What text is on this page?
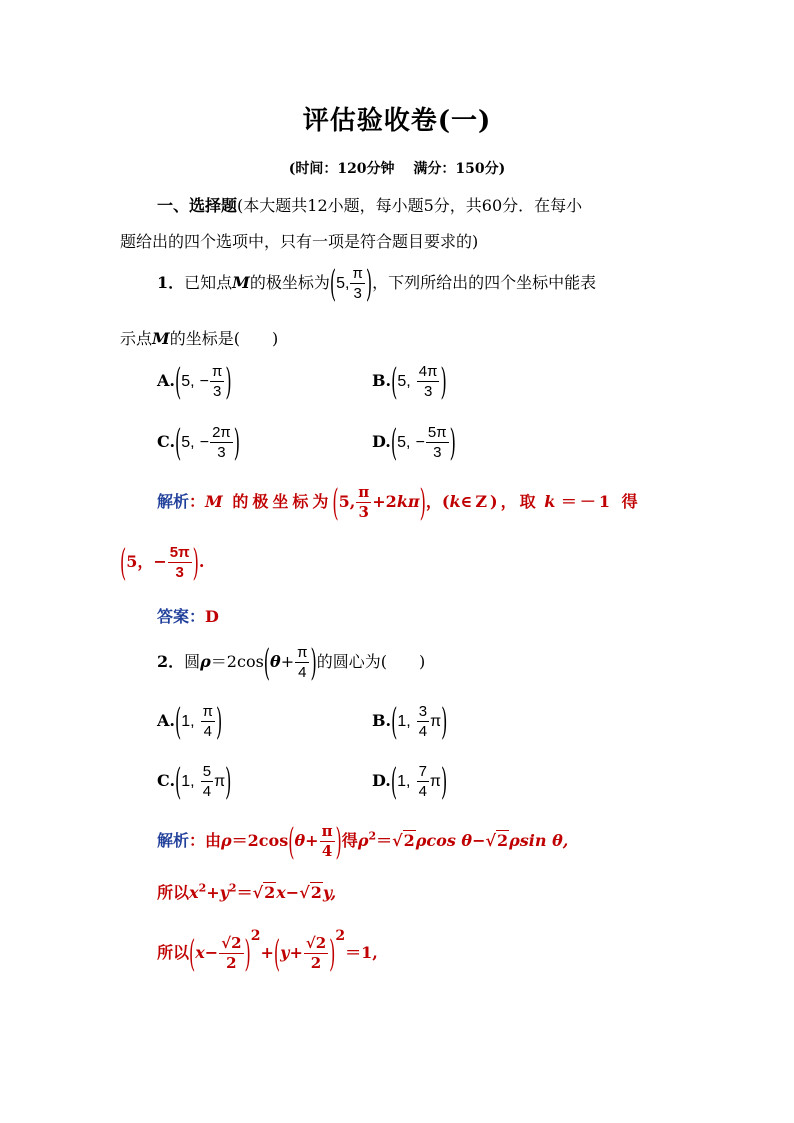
评估验收卷(一)
(时间：120分钟　 满分：150分)
一、选择题(本大题共12小题，每小题5分，共60分．在每小
题给出的四个选项中，只有一项是符合题目要求的)
1．已知点M的极坐标为(5, $\frac{\pi}{3}$ )，下列所给出的四个坐标中能表
示点M的坐标是(　　)
A.(5, − $\frac{\pi}{3}$ )	B.(5, $\frac{4\pi}{3}$ )
C.(5, − $\frac{2\pi}{3}$ )	D.(5, − $\frac{5\pi}{3}$ )
解析：M 的极坐标为(5, $\frac{\pi}{3} +2k\pi$)，(k∈Z)，取 k ＝－1 得
(5，− $\frac{5\pi}{3}$ ).
答案：D
2．圆$\rho=2\cos(\theta+ \frac{\pi}{4}$ )的圆心为(　　)
A.(1, $\frac{\pi}{4}$ )	B.(1, $\frac{3}{4} \pi$)
C.(1, $\frac{5}{4} \pi$)	D.(1, $\frac{7}{4} \pi$)
解析：由$\rho=2\cos(\theta+ \frac{\pi}{4}$ )得$\rho^2=√2\rho\cos$ θ−√2ρsin θ,
所以$x^2+y^2=√2x-√2y$,
所以$(x- \frac{√2}{2} )2+(y+ \frac{√2}{2} )2=1$,
